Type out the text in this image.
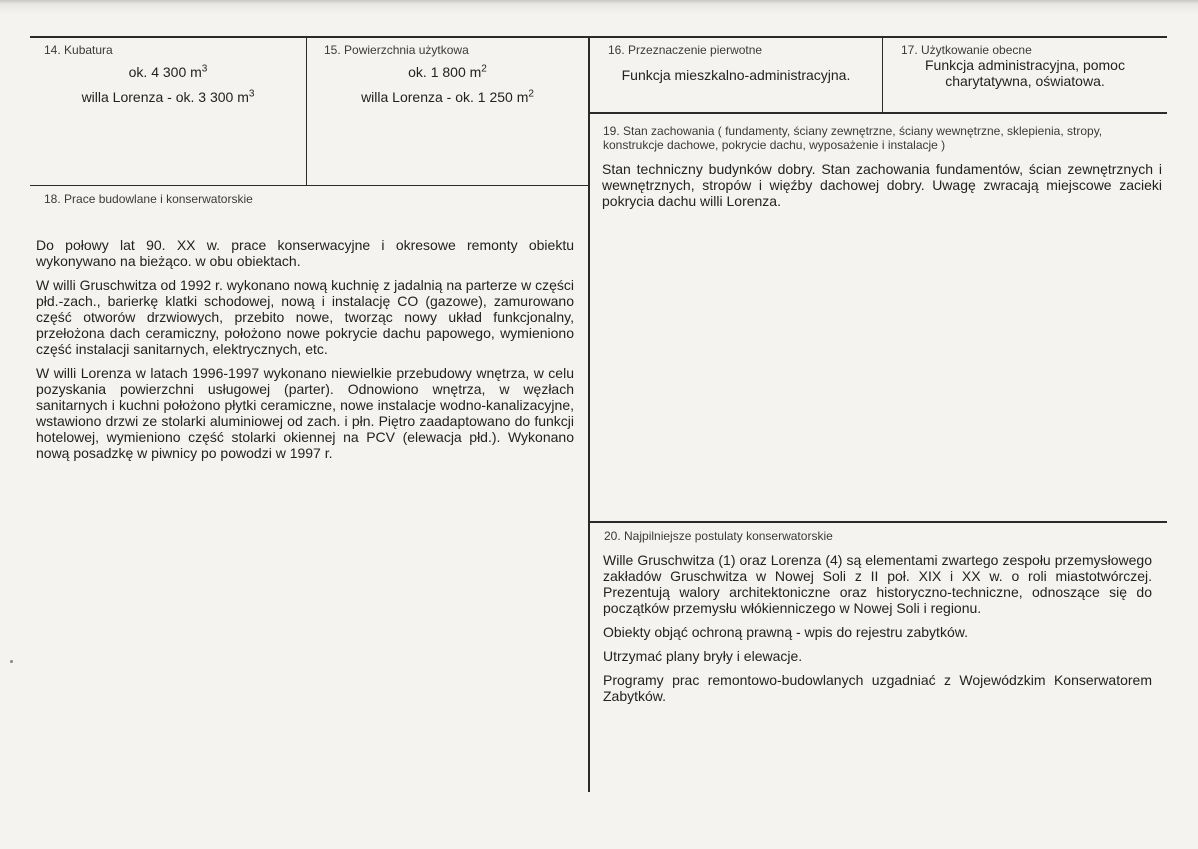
14. Kubatura
ok. 4 300 $m^3$
willa Lorenza - ok. 3 300 $m^3$
15. Powierzchnia użytkowa
ok. 1 800 $m^2$
willa Lorenza - ok. 1 250 $m^2$
16. Przeznaczenie pierwotne
Funkcja mieszkalno-administracyjna.
17. Użytkowanie obecne
Funkcja administracyjna, pomoc
charytatywna, oświatowa.
19. Stan zachowania ( fundamenty, ściany zewnętrzne, ściany wewnętrzne, sklepienia, stropy,
konstrukcje dachowe, pokrycie dachu, wyposażenie i instalacje )
Stan techniczny budynków dobry. Stan zachowania fundamentów, ścian zewnętrznych i wewnętrznych, stropów i więźby dachowej dobry. Uwagę zwracają miejscowe zacieki pokrycia dachu willi Lorenza.
18. Prace budowlane i konserwatorskie

Do połowy lat 90. XX w. prace konserwacyjne i okresowe remonty obiektu wykonywano na bieżąco. w obu obiektach.

W willi Gruschwitza od 1992 r. wykonano nową kuchnię z jadalnią na parterze w części płd.-zach., barierkę klatki schodowej, nową i instalację CO (gazowe), zamurowano część otworów drzwiowych, przebito nowe, tworząc nowy układ funkcjonalny, przełożona dach ceramiczny, położono nowe pokrycie dachu papowego, wymieniono część instalacji sanitarnych, elektrycznych, etc.

W willi Lorenza w latach 1996-1997 wykonano niewielkie przebudowy wnętrza, w celu pozyskania powierzchni usługowej (parter). Odnowiono wnętrza, w węzłach sanitarnych i kuchni położono płytki ceramiczne, nowe instalacje wodno-kanalizacyjne, wstawiono drzwi ze stolarki aluminiowej od zach. i płn. Piętro zaadaptowano do funkcji hotelowej, wymieniono część stolarki okiennej na PCV (elewacja płd.). Wykonano nową posadzkę w piwnicy po powodzi w 1997 r.

20. Najpilniejsze postulaty konserwatorskie

Wille Gruschwitza (1) oraz Lorenza (4) są elementami zwartego zespołu przemysłowego zakładów Gruschwitza w Nowej Soli z II poł. XIX i XX w. o roli miastotwórczej. Prezentują walory architektoniczne oraz historyczno-techniczne, odnoszące się do początków przemysłu włókienniczego w Nowej Soli i regionu.

Obiekty objąć ochroną prawną - wpis do rejestru zabytków.

Utrzymać plany bryły i elewacje.

Programy prac remontowo-budowlanych uzgadniać z Wojewódzkim Konserwatorem Zabytków.
